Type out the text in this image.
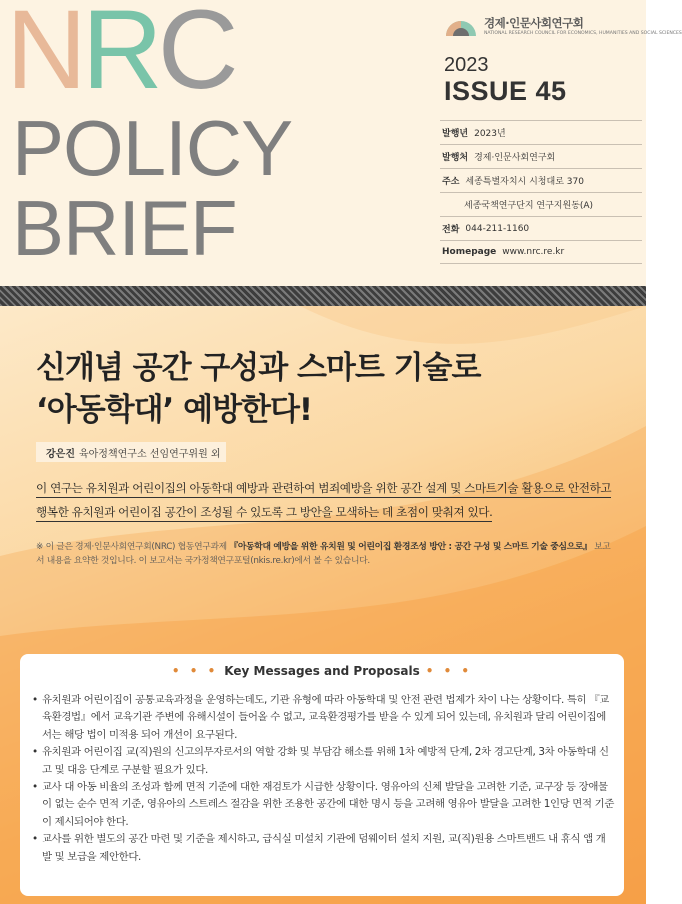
NRC
POLICY
BRIEF
경제·인문사회연구회
NATIONAL RESEARCH COUNCIL FOR ECONOMICS, HUMANITIES AND SOCIAL SCIENCES
2023
ISSUE 45
발행년 2023년
발행처 경제·인문사회연구회
주소 세종특별자치시 시청대로 370
세종국책연구단지 연구지원동(A)
전화 044-211-1160
Homepage www.nrc.re.kr
신개념 공간 구성과 스마트 기술로
‘아동학대’ 예방한다!
강은진 육아정책연구소 선임연구위원 외
이 연구는 유치원과 어린이집의 아동학대 예방과 관련하여 범죄예방을 위한 공간 설계 및 스마트기술 활용으로 안전하고 행복한 유치원과 어린이집 공간이 조성될 수 있도록 그 방안을 모색하는 데 초점이 맞춰져 있다.
※ 이 글은 경제·인문사회연구회(NRC) 협동연구과제 『아동학대 예방을 위한 유치원 및 어린이집 환경조성 방안 : 공간 구성 및 스마트 기술 중심으로』 보고서 내용을 요약한 것입니다. 이 보고서는 국가정책연구포털(nkis.re.kr)에서 볼 수 있습니다.
• • • Key Messages and Proposals • • •
• 유치원과 어린이집이 공통교육과정을 운영하는데도, 기관 유형에 따라 아동학대 및 안전 관련 법제가 차이 나는 상황이다. 특히 『교육환경법』에서 교육기관 주변에 유해시설이 들어올 수 없고, 교육환경평가를 받을 수 있게 되어 있는데, 유치원과 달리 어린이집에서는 해당 법이 미적용 되어 개선이 요구된다.
• 유치원과 어린이집 교(직)원의 신고의무자로서의 역할 강화 및 부담감 해소를 위해 1차 예방적 단계, 2차 경고단계, 3차 아동학대 신고 및 대응 단계로 구분할 필요가 있다.
• 교사 대 아동 비율의 조성과 함께 면적 기준에 대한 재검토가 시급한 상황이다. 영유아의 신체 발달을 고려한 기준, 교구장 등 장애물이 없는 순수 면적 기준, 영유아의 스트레스 절감을 위한 조용한 공간에 대한 명시 등을 고려해 영유아 발달을 고려한 1인당 면적 기준이 제시되어야 한다.
• 교사를 위한 별도의 공간 마련 및 기준을 제시하고, 급식실 미설치 기관에 덤웨이터 설치 지원, 교(직)원용 스마트밴드 내 휴식 앱 개발 및 보급을 제안한다.
